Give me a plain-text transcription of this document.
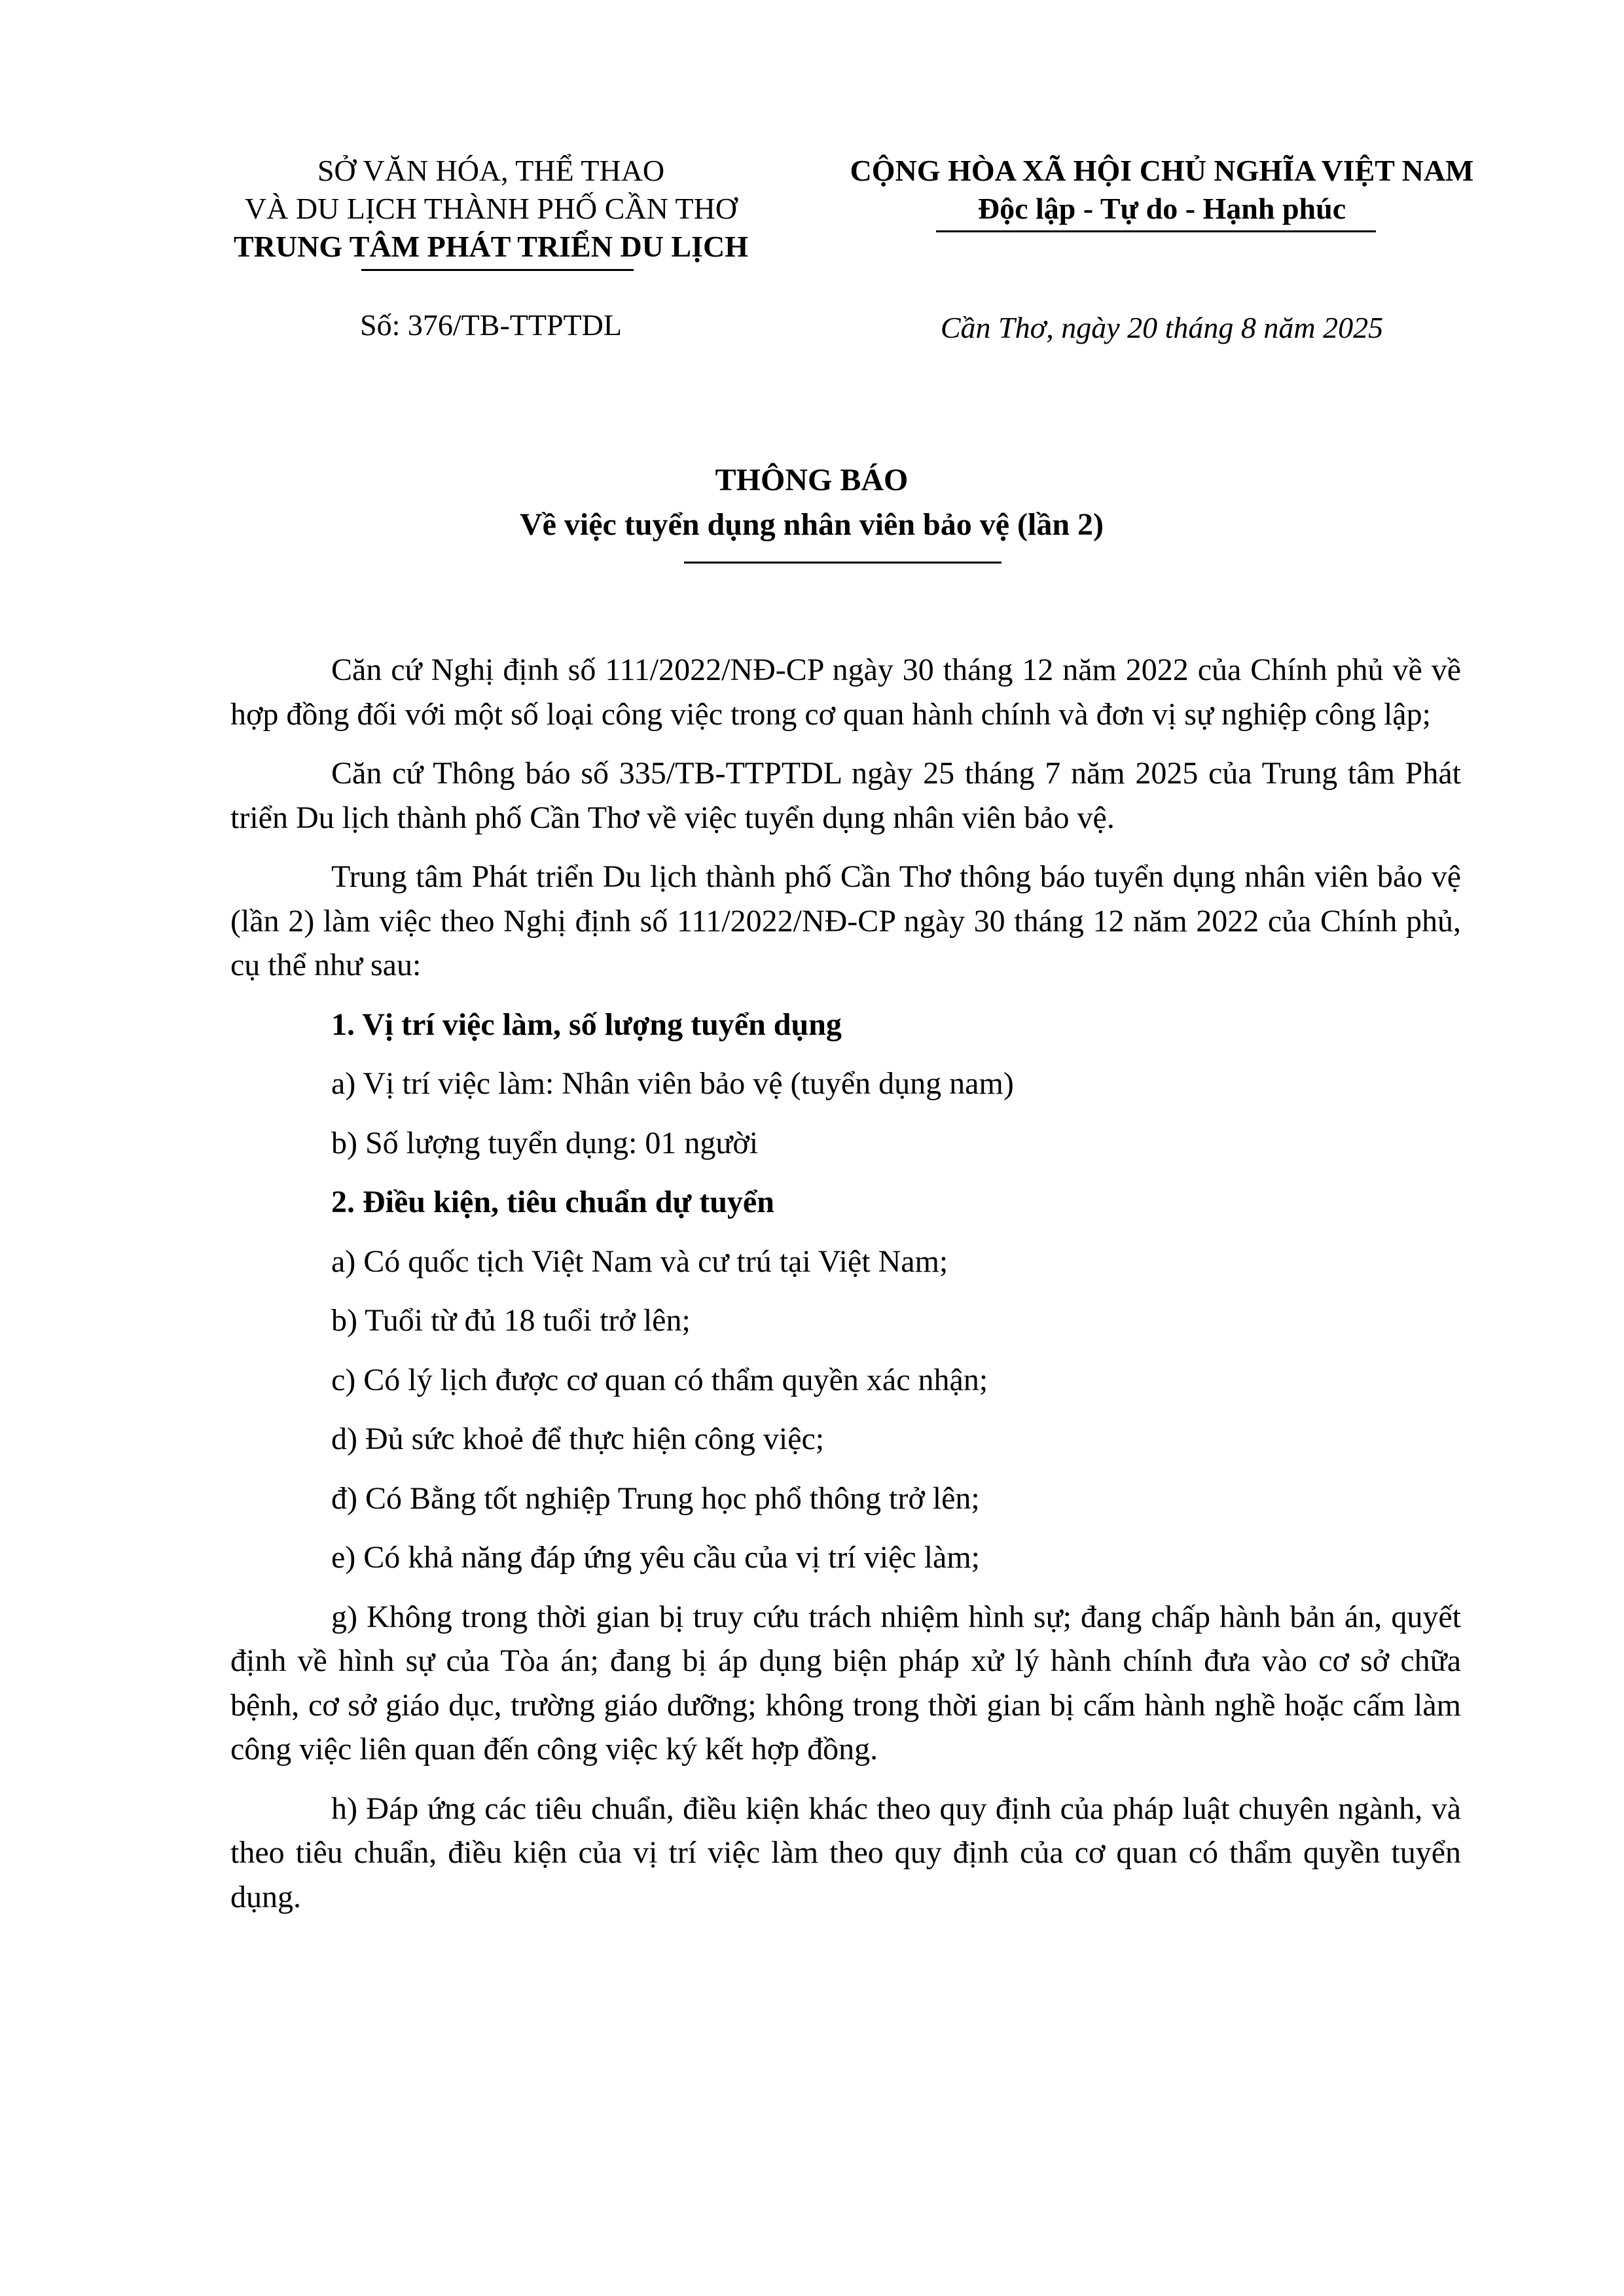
SỞ VĂN HÓA, THỂ THAO
VÀ DU LỊCH THÀNH PHỐ CẦN THƠ
TRUNG TÂM PHÁT TRIỂN DU LỊCH
CỘNG HÒA XÃ HỘI CHỦ NGHĨA VIỆT NAM
Độc lập - Tự do - Hạnh phúc
Số: 376/TB-TTPTDL	Cần Thơ, ngày 20 tháng 8 năm 2025
THÔNG BÁO
Về việc tuyển dụng nhân viên bảo vệ (lần 2)

Căn cứ Nghị định số 111/2022/NĐ-CP ngày 30 tháng 12 năm 2022 của Chính phủ về về hợp đồng đối với một số loại công việc trong cơ quan hành chính và đơn vị sự nghiệp công lập;

Căn cứ Thông báo số 335/TB-TTPTDL ngày 25 tháng 7 năm 2025 của Trung tâm Phát triển Du lịch thành phố Cần Thơ về việc tuyển dụng nhân viên bảo vệ.

Trung tâm Phát triển Du lịch thành phố Cần Thơ thông báo tuyển dụng nhân viên bảo vệ (lần 2) làm việc theo Nghị định số 111/2022/NĐ-CP ngày 30 tháng 12 năm 2022 của Chính phủ, cụ thể như sau:

1. Vị trí việc làm, số lượng tuyển dụng

a) Vị trí việc làm: Nhân viên bảo vệ (tuyển dụng nam)

b) Số lượng tuyển dụng: 01 người

2. Điều kiện, tiêu chuẩn dự tuyển

a) Có quốc tịch Việt Nam và cư trú tại Việt Nam;

b) Tuổi từ đủ 18 tuổi trở lên;

c) Có lý lịch được cơ quan có thẩm quyền xác nhận;

d) Đủ sức khoẻ để thực hiện công việc;

đ) Có Bằng tốt nghiệp Trung học phổ thông trở lên;

e) Có khả năng đáp ứng yêu cầu của vị trí việc làm;

g) Không trong thời gian bị truy cứu trách nhiệm hình sự; đang chấp hành bản án, quyết định về hình sự của Tòa án; đang bị áp dụng biện pháp xử lý hành chính đưa vào cơ sở chữa bệnh, cơ sở giáo dục, trường giáo dưỡng; không trong thời gian bị cấm hành nghề hoặc cấm làm công việc liên quan đến công việc ký kết hợp đồng.

h) Đáp ứng các tiêu chuẩn, điều kiện khác theo quy định của pháp luật chuyên ngành, và theo tiêu chuẩn, điều kiện của vị trí việc làm theo quy định của cơ quan có thẩm quyền tuyển dụng.
